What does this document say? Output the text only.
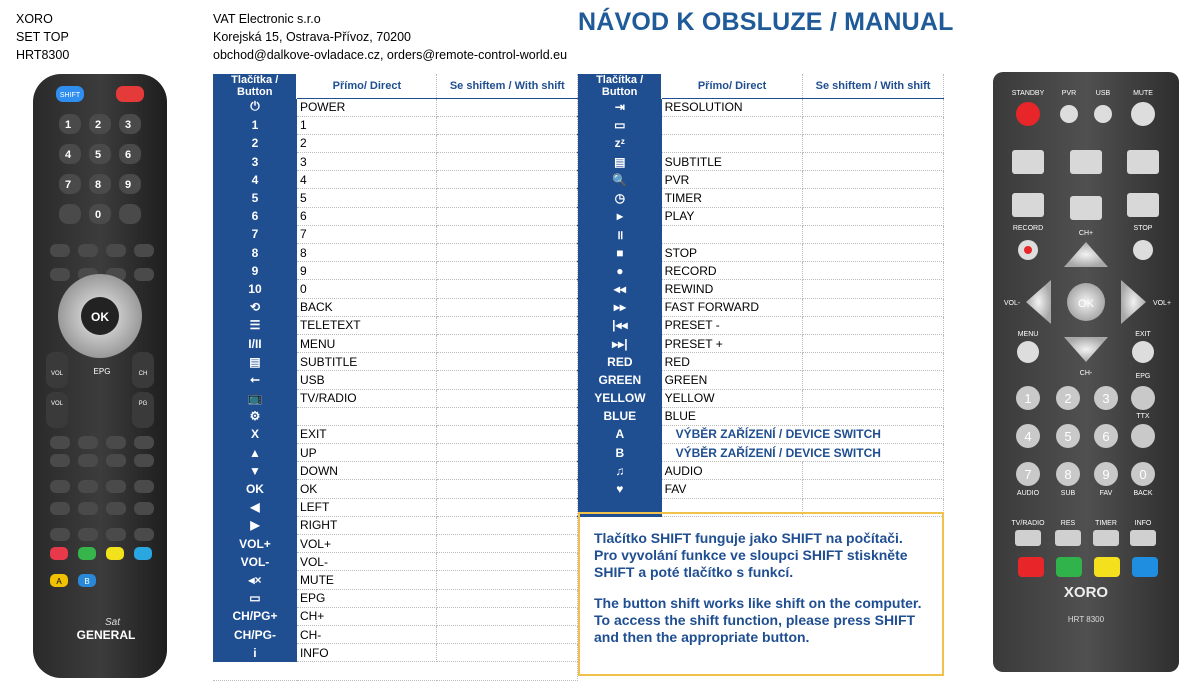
XORO
SET TOP
HRT8300
VAT Electronic s.r.o
Korejská 15, Ostrava-Přívoz, 70200
obchod@dalkove-ovladace.cz, orders@remote-control-world.eu
NÁVOD K OBSLUZE / MANUAL
Tlačítka / Button	Přímo/ Direct	Se shiftem / With shift	Tlačítka / Button	Přímo/ Direct	Se shiftem / With shift
⏻	POWER		⇥	RESOLUTION	
1	1		▭		
2	2		zᶻ		
3	3		▤	SUBTITLE	
4	4		🔍	PVR	
5	5		◷	TIMER	
6	6		▸	PLAY	
7	7		॥		
8	8		■	STOP	
9	9		●	RECORD	
10	0		◂◂	REWIND	
⟲	BACK		▸▸	FAST FORWARD	
☰	TELETEXT		|◂◂	PRESET -	
I/II	MENU		▸▸|	PRESET +	
▤	SUBTITLE		RED	RED	
⭠	USB		GREEN	GREEN	
📺	TV/RADIO		YELLOW	YELLOW	
⚙			BLUE	BLUE	
X	EXIT		A	VÝBĚR ZAŘÍZENÍ / DEVICE SWITCH	
▲	UP		B	VÝBĚR ZAŘÍZENÍ / DEVICE SWITCH	
▼	DOWN		♫	AUDIO	
OK	OK		♥	FAV	
◀	LEFT				
▶	RIGHT				
VOL+	VOL+				
VOL-	VOL-				
◂×	MUTE				
▭	EPG				
CH/PG+	CH+				
CH/PG-	CH-				
i	INFO				

Tlačítko SHIFT funguje jako SHIFT na počítači. Pro vyvolání funkce ve sloupci SHIFT stiskněte SHIFT a poté tlačítko s funkcí.

The button shift works like shift on the computer. To access the shift function, please press SHIFT and then the appropriate button.

SHIFT
1 2 3
4 5 6
7 8 9
0
OK
EPG
VOL	CH
VOL	PG
A	B
Sat
GENERAL
STANDBY	PVR	USB	MUTE
CH+
RECORD	STOP
OK
VOL-	VOL+
MENU	EXIT
CH-	EPG
TTX
1	2 3
4	5 6
7	8 9 0
AUDIO	SUB	FAV	BACK
TV/RADIO RES	TIMER	INFO
XORO
HRT 8300
